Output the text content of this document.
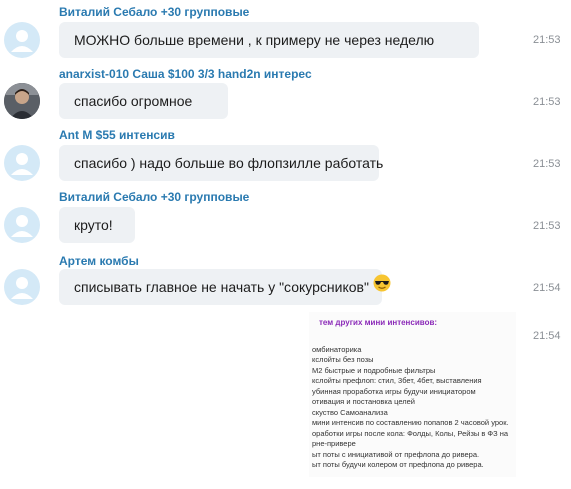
Виталий Себало +30 групповые
МОЖНО больше времени , к примеру не через неделю	21:53
anarxist-010 Саша $100 3/3 hand2n интерес
спасибо огромное	21:53
Ant M $55 интенсив
спасибо ) надо больше во флопзилле работать	21:53
Виталий Себало +30 групповые
круто!	21:53
Артем комбы
списывать главное не начать у "сокурсников"	21:54
тем других мини интенсивов:
омбинаторика
кслойты без позы
М2 быстрые и подробные фильтры
кслойты префлоп: стил, 3бет, 4бет, выставления
убинная проработка игры будучи инициатором
отивация и постановка целей
скуство Самоанализа
мини интенсив по составлению попапов 2 часовой урок.
оработки игры после кола: Фолды, Колы, Рейзы в ФЗ на
рне-привере
ыт поты с инициативой от префлопа до ривера.
ыт поты будучи колером от префлопа до ривера.
21:54
